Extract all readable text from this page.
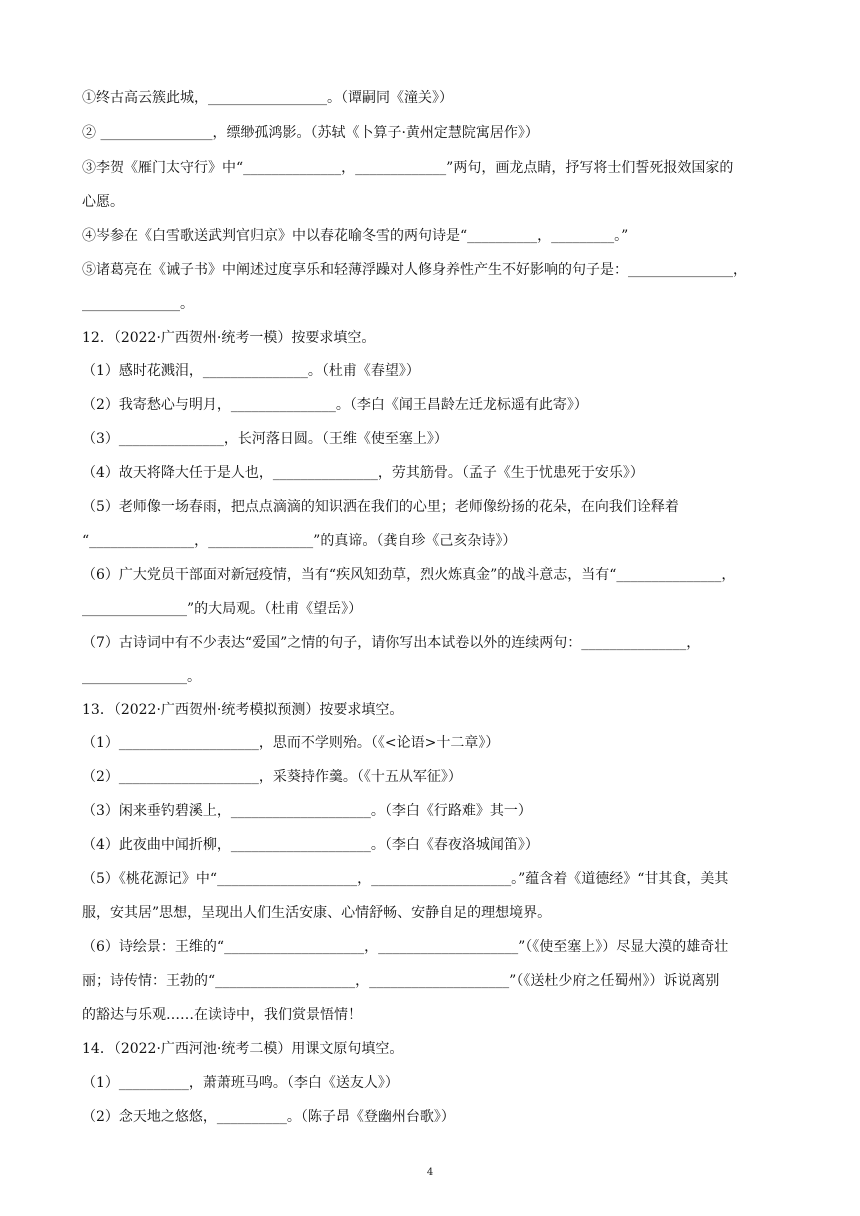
①终古高云簇此城，_________________。（谭嗣同《潼关》）
② ________________，缥缈孤鸿影。（苏轼《卜算子·黄州定慧院寓居作》）
③李贺《雁门太守行》中“______________，_____________”两句，画龙点睛，抒写将士们誓死报效国家的
心愿。
④岑参在《白雪歌送武判官归京》中以春花喻冬雪的两句诗是“__________，_________。”
⑤诸葛亮在《诫子书》中阐述过度享乐和轻薄浮躁对人修身养性产生不好影响的句子是：_______________，
______________。
12．（2022·广西贺州·统考一模）按要求填空。
（1）感时花溅泪，_______________。（杜甫《春望》）
（2）我寄愁心与明月，_______________。（李白《闻王昌龄左迁龙标遥有此寄》）
（3）_______________，长河落日圆。（王维《使至塞上》）
（4）故天将降大任于是人也，_______________，劳其筋骨。（孟子《生于忧患死于安乐》）
（5）老师像一场春雨，把点点滴滴的知识洒在我们的心里；老师像纷扬的花朵，在向我们诠释着
“_______________，_______________”的真谛。（龚自珍《己亥杂诗》）
（6）广大党员干部面对新冠疫情，当有“疾风知劲草，烈火炼真金”的战斗意志，当有“_______________，
_______________”的大局观。（杜甫《望岳》）
（7）古诗词中有不少表达“爱国”之情的句子，请你写出本试卷以外的连续两句：_______________，
_______________。
13．（2022·广西贺州·统考模拟预测）按要求填空。
（1）____________________，思而不学则殆。（《<论语>十二章》）
（2）____________________，采葵持作羹。（《十五从军征》）
（3）闲来垂钓碧溪上，____________________。（李白《行路难》其一）
（4）此夜曲中闻折柳，____________________。（李白《春夜洛城闻笛》）
（5）《桃花源记》中“____________________，____________________。”蕴含着《道德经》“甘其食，美其
服，安其居”思想，呈现出人们生活安康、心情舒畅、安静自足的理想境界。
（6）诗绘景：王维的“____________________，____________________”（《使至塞上》）尽显大漠的雄奇壮
丽；诗传情：王勃的“____________________，____________________”（《送杜少府之任蜀州》）诉说离别
的豁达与乐观……在读诗中，我们赏景悟情！
14．（2022·广西河池·统考二模）用课文原句填空。
（1）__________，萧萧班马鸣。（李白《送友人》）
（2）念天地之悠悠，__________。（陈子昂《登幽州台歌》）
4
